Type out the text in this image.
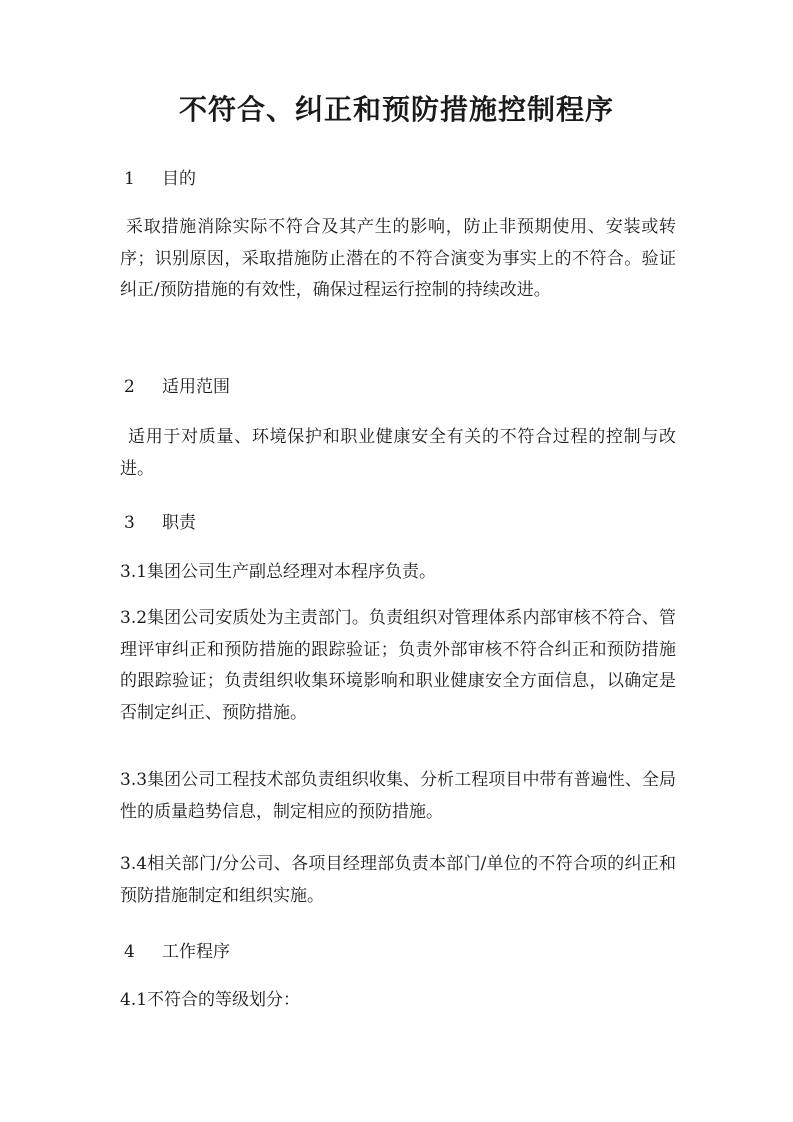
不符合、纠正和预防措施控制程序
1 目的
采取措施消除实际不符合及其产生的影响，防止非预期使用、安装或转序；识别原因，采取措施防止潜在的不符合演变为事实上的不符合。验证纠正/预防措施的有效性，确保过程运行控制的持续改进。
2 适用范围
适用于对质量、环境保护和职业健康安全有关的不符合过程的控制与改进。
3 职责
3.1集团公司生产副总经理对本程序负责。
3.2集团公司安质处为主责部门。负责组织对管理体系内部审核不符合、管理评审纠正和预防措施的跟踪验证；负责外部审核不符合纠正和预防措施的跟踪验证；负责组织收集环境影响和职业健康安全方面信息，以确定是否制定纠正、预防措施。
3.3集团公司工程技术部负责组织收集、分析工程项目中带有普遍性、全局性的质量趋势信息，制定相应的预防措施。
3.4相关部门/分公司、各项目经理部负责本部门/单位的不符合项的纠正和预防措施制定和组织实施。
4 工作程序
4.1不符合的等级划分：
